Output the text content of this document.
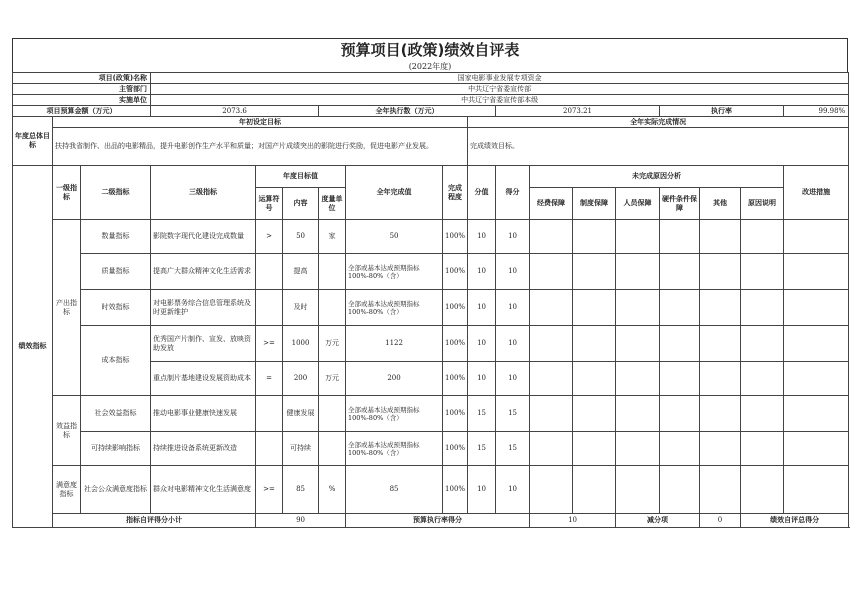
预算项目(政策)绩效自评表
(2022年度)
项目(政策)名称			国家电影事业发展专项资金															
主管部门			中共辽宁省委宣传部															
实施单位			中共辽宁省委宣传部本级															
项目预算金额（万元）			2073.6			全年执行数（万元）				2073.21				执行率			99.98%	
年度总体目标	年初设定目标								全年实际完成情况									
	扶持我省制作、出品的电影精品，提升电影创作生产水平和质量；对国产片成绩突出的影院进行奖励，促进电影产业发展。								完成绩效目标。									
绩效指标	一级指标	二级指标	三级指标	年度目标值			全年完成值	完成程度	分值	得分	未完成原因分析						改进措施	
				运算符号	内容	度量单位					经费保障	制度保障	人员保障	硬件条件保障	其他	原因说明		
	产出指标	数量指标	影院数字现代化建设完成数量	>	50	家	50	100%	10	10								
		质量指标	提高广大群众精神文化生活需求		提高		全部或基本达成预期指标100%-80%（含）	100%	10	10								
		时效指标	对电影票务综合信息管理系统及时更新维护		及时		全部或基本达成预期指标100%-80%（含）	100%	10	10								
		成本指标	优秀国产片制作、宣发、放映资助发放	>=	1000	万元	1122	100%	10	10								
			重点制片基地建设发展资助成本	=	200	万元	200	100%	10	10								
	效益指标	社会效益指标	推动电影事业健康快速发展		健康发展		全部或基本达成预期指标100%-80%（含）	100%	15	15								
		可持续影响指标	持续推进设备系统更新改造		可持续		全部或基本达成预期指标100%-80%（含）	100%	15	15								
	满意度指标	社会公众满意度指标	群众对电影精神文化生活满意度	>=	85	%	85	100%	10	10								
	指标自评得分小计			90			预算执行率得分				10		减分项		0	绩效自评总得分	
